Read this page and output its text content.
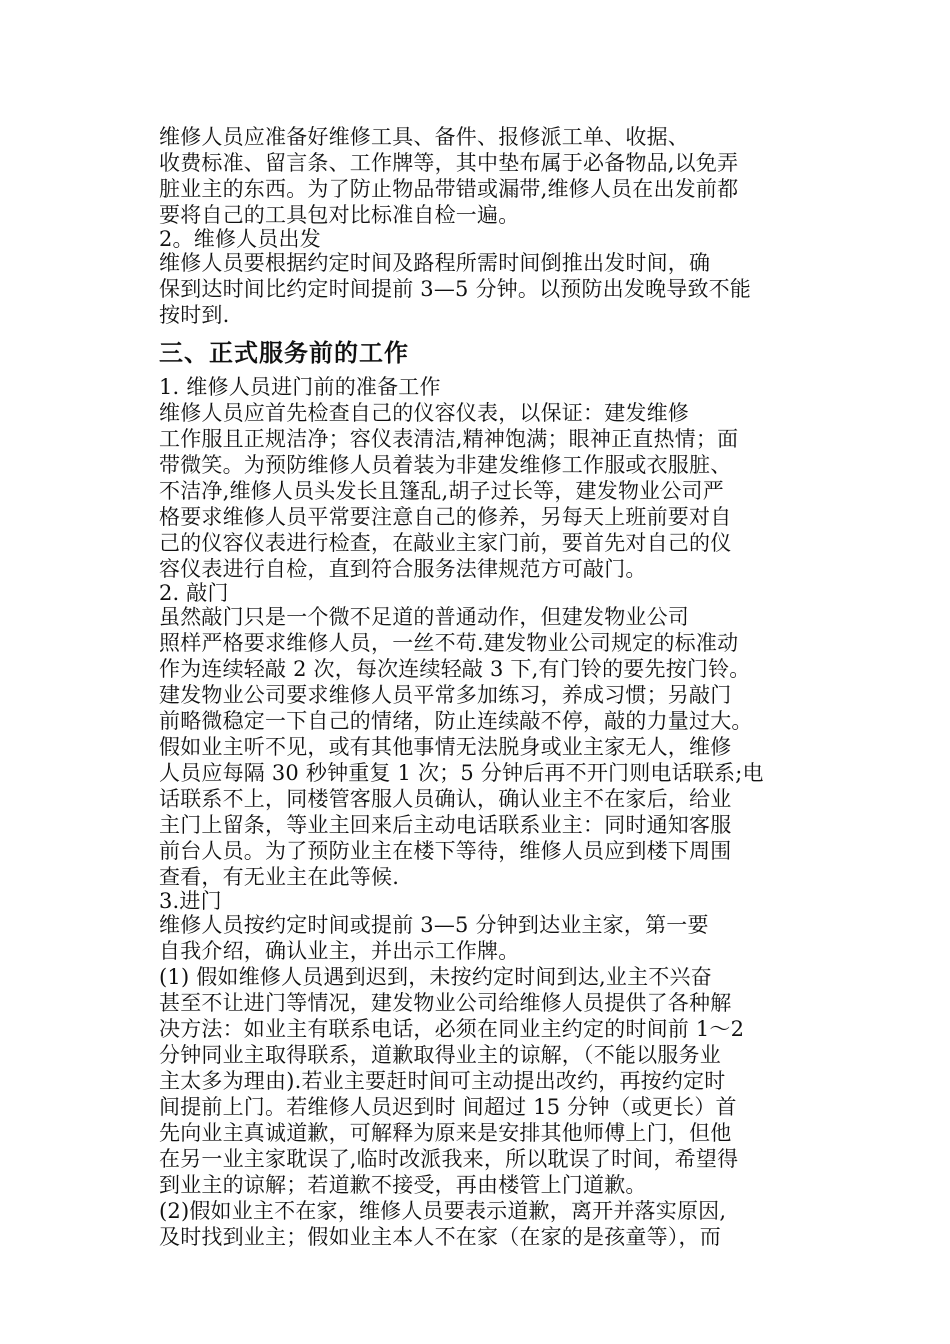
维修人员应准备好维修工具、备件、报修派工单、收据、
收费标准、留言条、工作牌等，其中垫布属于必备物品,以免弄
脏业主的东西。为了防止物品带错或漏带,维修人员在出发前都
要将自己的工具包对比标准自检一遍。
2。维修人员出发
维修人员要根据约定时间及路程所需时间倒推出发时间，确
保到达时间比约定时间提前 3—5 分钟。以预防出发晚导致不能
按时到.
三、正式服务前的工作
1. 维修人员进门前的准备工作
维修人员应首先检查自己的仪容仪表，以保证：建发维修
工作服且正规洁净；容仪表清洁,精神饱满；眼神正直热情；面
带微笑。为预防维修人员着装为非建发维修工作服或衣服脏、
不洁净,维修人员头发长且篷乱,胡子过长等，建发物业公司严
格要求维修人员平常要注意自己的修养，另每天上班前要对自
己的仪容仪表进行检查，在敲业主家门前，要首先对自己的仪
容仪表进行自检，直到符合服务法律规范方可敲门。
2. 敲门
虽然敲门只是一个微不足道的普通动作，但建发物业公司
照样严格要求维修人员，一丝不苟.建发物业公司规定的标准动
作为连续轻敲 2 次，每次连续轻敲 3 下,有门铃的要先按门铃。
建发物业公司要求维修人员平常多加练习，养成习惯；另敲门
前略微稳定一下自己的情绪，防止连续敲不停，敲的力量过大。
假如业主听不见，或有其他事情无法脱身或业主家无人，维修
人员应每隔 30 秒钟重复 1 次；5 分钟后再不开门则电话联系;电
话联系不上，同楼管客服人员确认，确认业主不在家后，给业
主门上留条，等业主回来后主动电话联系业主：同时通知客服
前台人员。为了预防业主在楼下等待，维修人员应到楼下周围
查看，有无业主在此等候.
3.进门
维修人员按约定时间或提前 3—5 分钟到达业主家，第一要
自我介绍，确认业主，并出示工作牌。
(1) 假如维修人员遇到迟到，未按约定时间到达,业主不兴奋
甚至不让进门等情况，建发物业公司给维修人员提供了各种解
决方法：如业主有联系电话，必须在同业主约定的时间前 1～2
分钟同业主取得联系，道歉取得业主的谅解，（不能以服务业
主太多为理由).若业主要赶时间可主动提出改约，再按约定时
间提前上门。若维修人员迟到时 间超过 15 分钟（或更长）首
先向业主真诚道歉，可解释为原来是安排其他师傅上门，但他
在另一业主家耽误了,临时改派我来，所以耽误了时间，希望得
到业主的谅解；若道歉不接受，再由楼管上门道歉。
(2)假如业主不在家，维修人员要表示道歉，离开并落实原因,
及时找到业主；假如业主本人不在家（在家的是孩童等），而
